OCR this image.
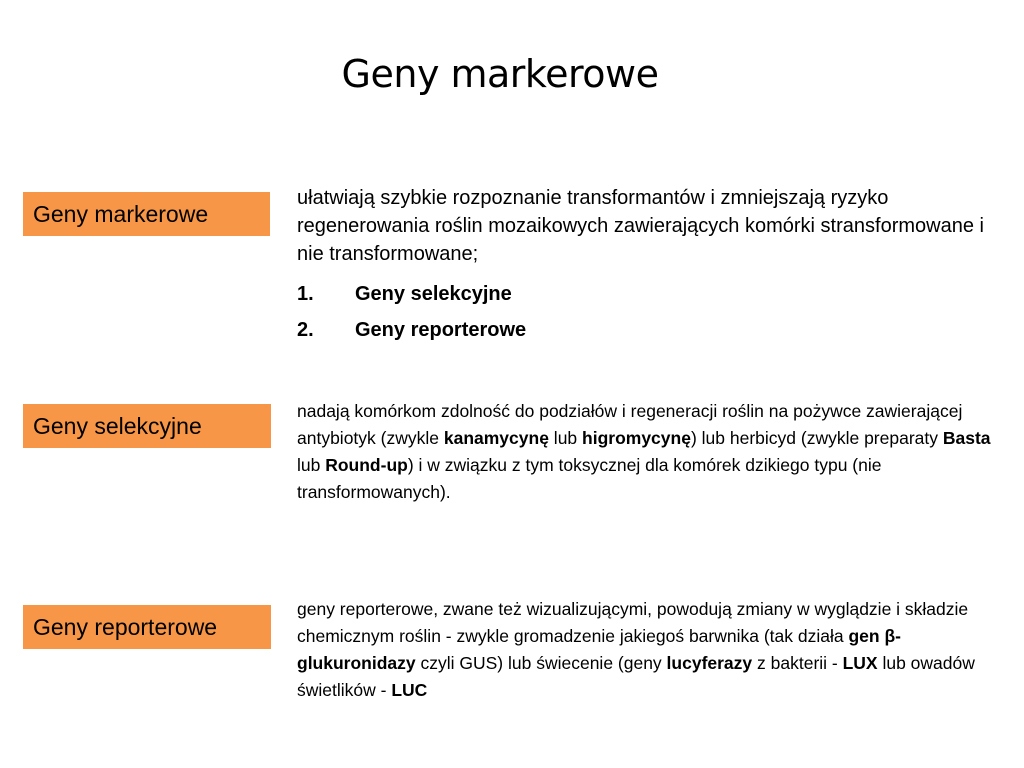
Geny markerowe
Geny markerowe

ułatwiają szybkie rozpoznanie transformantów i zmniejszają ryzyko regenerowania roślin mozaikowych zawierających komórki stransformowane i nie transformowane;

1.	Geny selekcyjne
2.	Geny reporterowe
Geny selekcyjne

nadają komórkom zdolność do podziałów i regeneracji roślin na pożywce zawierającej antybiotyk (zwykle kanamycynę lub higromycynę) lub herbicyd (zwykle preparaty Basta lub Round-up) i w związku z tym toksycznej dla komórek dzikiego typu (nie transformowanych).

Geny reporterowe

geny reporterowe, zwane też wizualizującymi, powodują zmiany w wyglądzie i składzie chemicznym roślin - zwykle gromadzenie jakiegoś barwnika (tak działa gen β-glukuronidazy czyli GUS) lub świecenie (geny lucyferazy z bakterii - LUX lub owadów świetlików - LUC
